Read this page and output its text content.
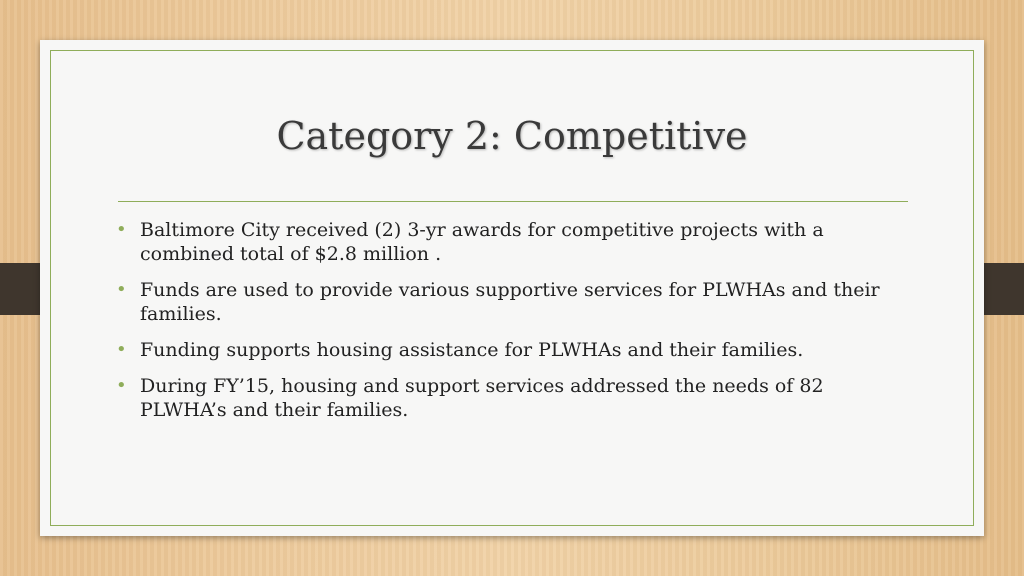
Category 2: Competitive
• Baltimore City received (2) 3-yr awards for competitive projects with a combined total of $2.8 million .
• Funds are used to provide various supportive services for PLWHAs and their families.
• Funding supports housing assistance for PLWHAs and their families.
• During FY’15, housing and support services addressed the needs of 82 PLWHA’s and their families.
